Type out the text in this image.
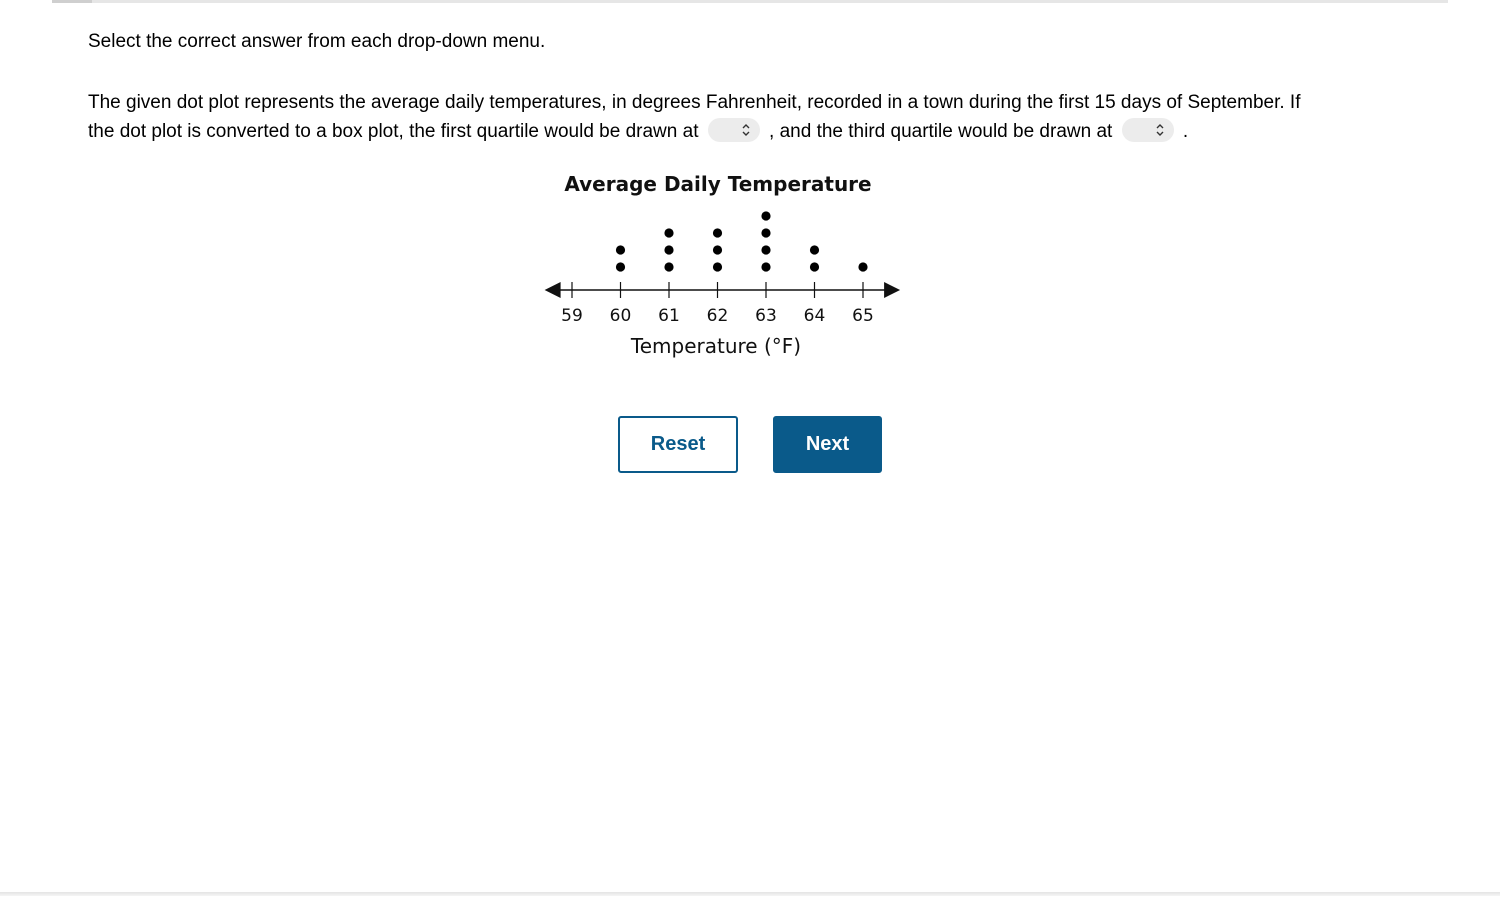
Select the correct answer from each drop-down menu.
The given dot plot represents the average daily temperatures, in degrees Fahrenheit, recorded in a town during the first 15 days of September. If the dot plot is converted to a box plot, the first quartile would be drawn at	, and the third quartile would be drawn at	.
Average Daily Temperature
59 60 61 62 63 64 65
Temperature (°F)
Reset	Next
